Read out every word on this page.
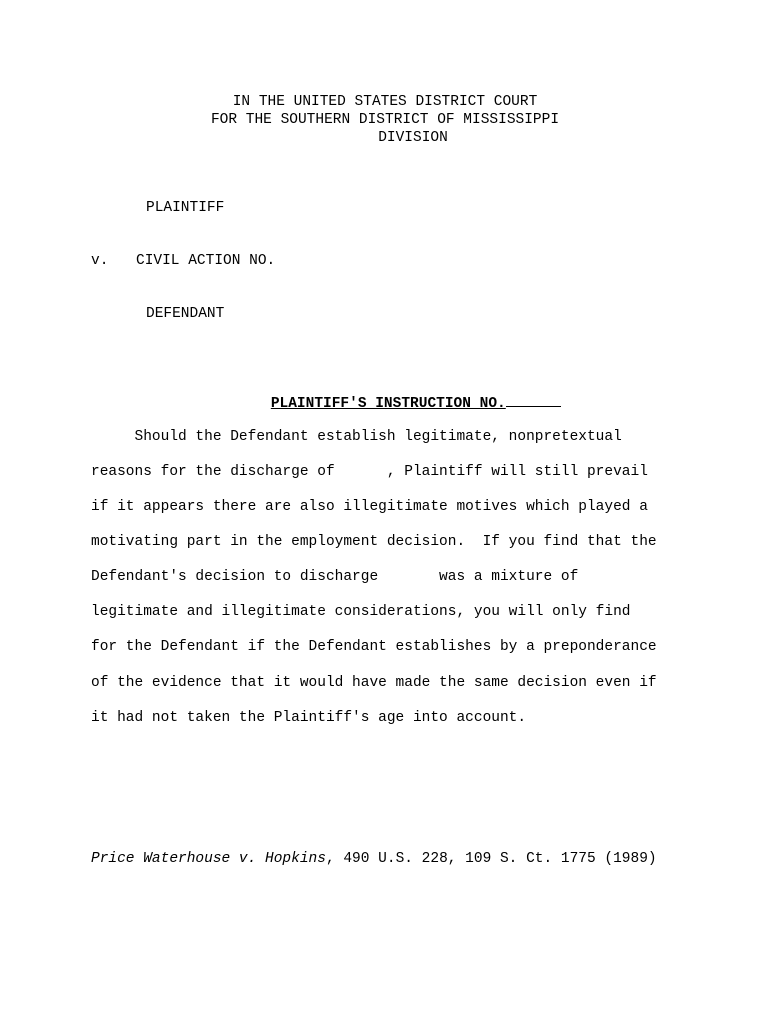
IN THE UNITED STATES DISTRICT COURT
FOR THE SOUTHERN DISTRICT OF MISSISSIPPI
DIVISION
PLAINTIFF
v. CIVIL ACTION NO.
DEFENDANT

PLAINTIFF'S INSTRUCTION NO.

Should the Defendant establish legitimate, nonpretextual
reasons for the discharge of      , Plaintiff will still prevail
if it appears there are also illegitimate motives which played a
motivating part in the employment decision.  If you find that the
Defendant's decision to discharge       was a mixture of
legitimate and illegitimate considerations, you will only find
for the Defendant if the Defendant establishes by a preponderance
of the evidence that it would have made the same decision even if
it had not taken the Plaintiff's age into account.
Price Waterhouse v. Hopkins, 490 U.S. 228, 109 S. Ct. 1775 (1989)
